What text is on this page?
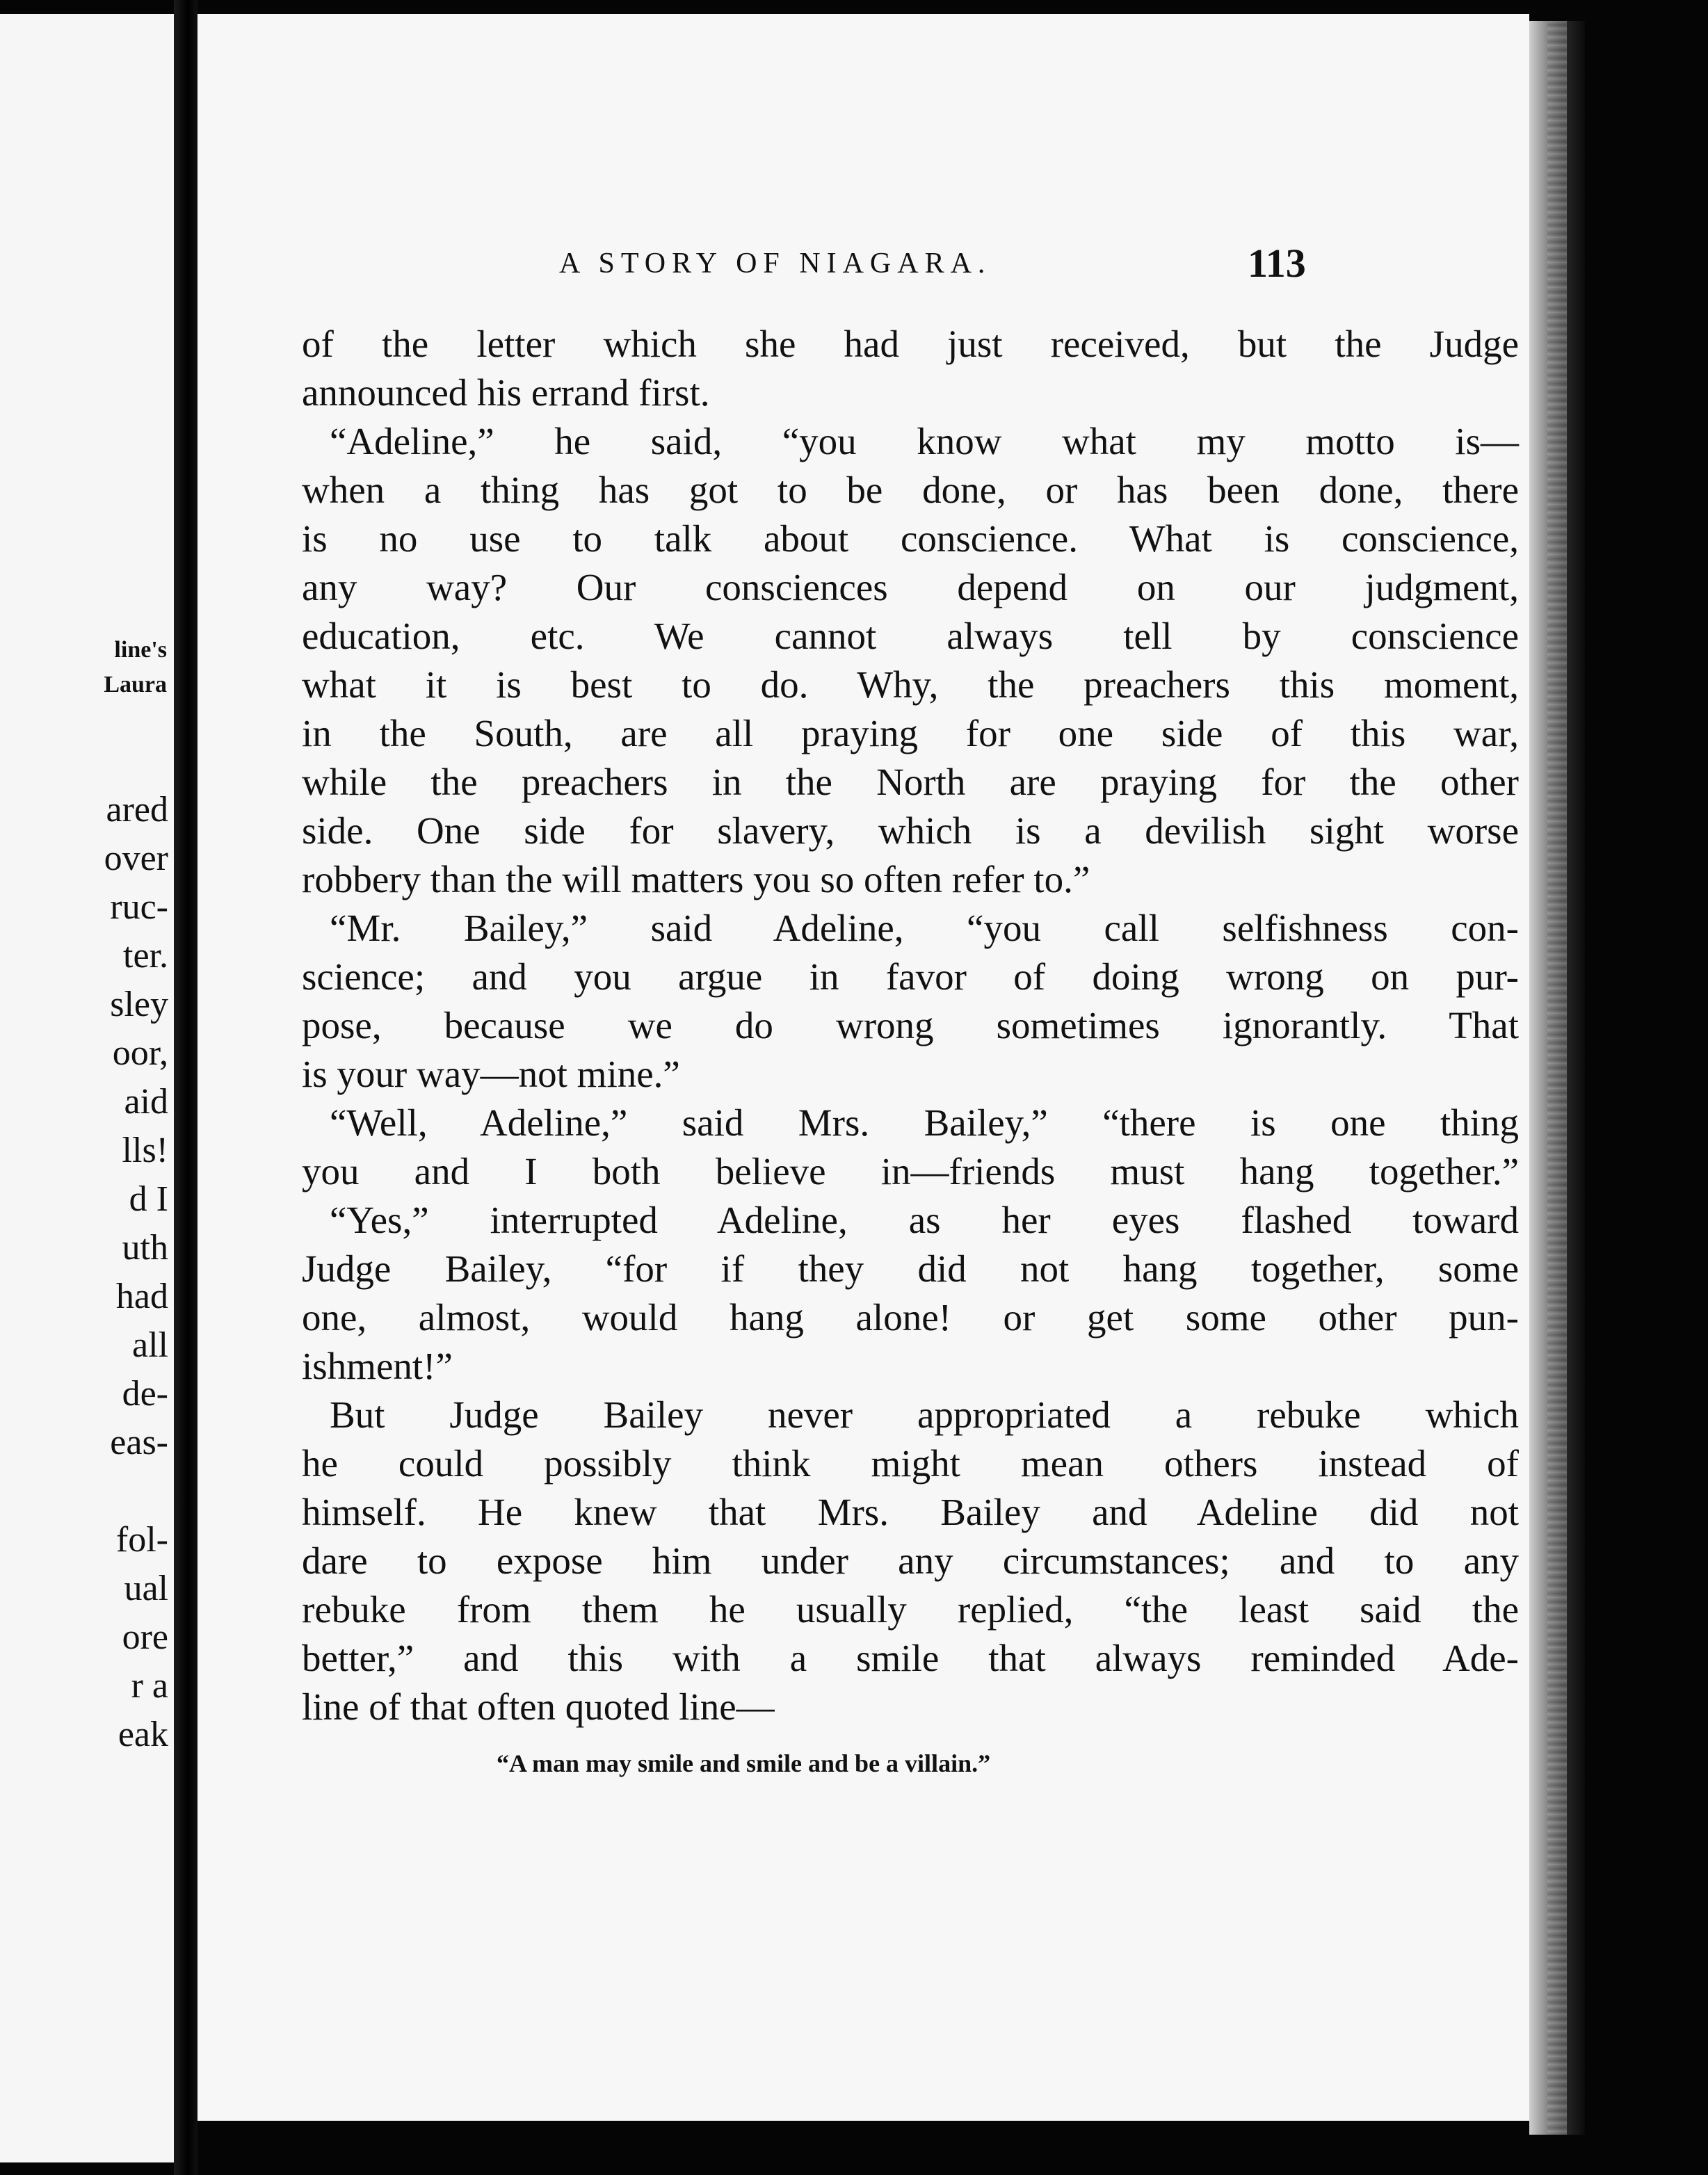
line's
Laura
ared
over
ruc-
ter.
sley
oor,
aid
lls!
d I
uth
had
all
de-
eas-
fol-
ual
ore
r a
eak
A STORY OF NIAGARA.	113
of the letter which she had just received, but the Judge
announced his errand first.
“Adeline,” he said, “you know what my motto is—
when a thing has got to be done, or has been done, there
is no use to talk about conscience. What is conscience,
any way? Our consciences depend on our judgment,
education, etc. We cannot always tell by conscience
what it is best to do. Why, the preachers this moment,
in the South, are all praying for one side of this war,
while the preachers in the North are praying for the other
side. One side for slavery, which is a devilish sight worse
robbery than the will matters you so often refer to.”
“Mr. Bailey,” said Adeline, “you call selfishness con-
science; and you argue in favor of doing wrong on pur-
pose, because we do wrong sometimes ignorantly. That
is your way—not mine.”
“Well, Adeline,” said Mrs. Bailey,” “there is one thing
you and I both believe in—friends must hang together.”
“Yes,” interrupted Adeline, as her eyes flashed toward
Judge Bailey, “for if they did not hang together, some
one, almost, would hang alone! or get some other pun-
ishment!”
But Judge Bailey never appropriated a rebuke which
he could possibly think might mean others instead of
himself. He knew that Mrs. Bailey and Adeline did not
dare to expose him under any circumstances; and to any
rebuke from them he usually replied, “the least said the
better,” and this with a smile that always reminded Ade-
line of that often quoted line—
“A man may smile and smile and be a villain.”
